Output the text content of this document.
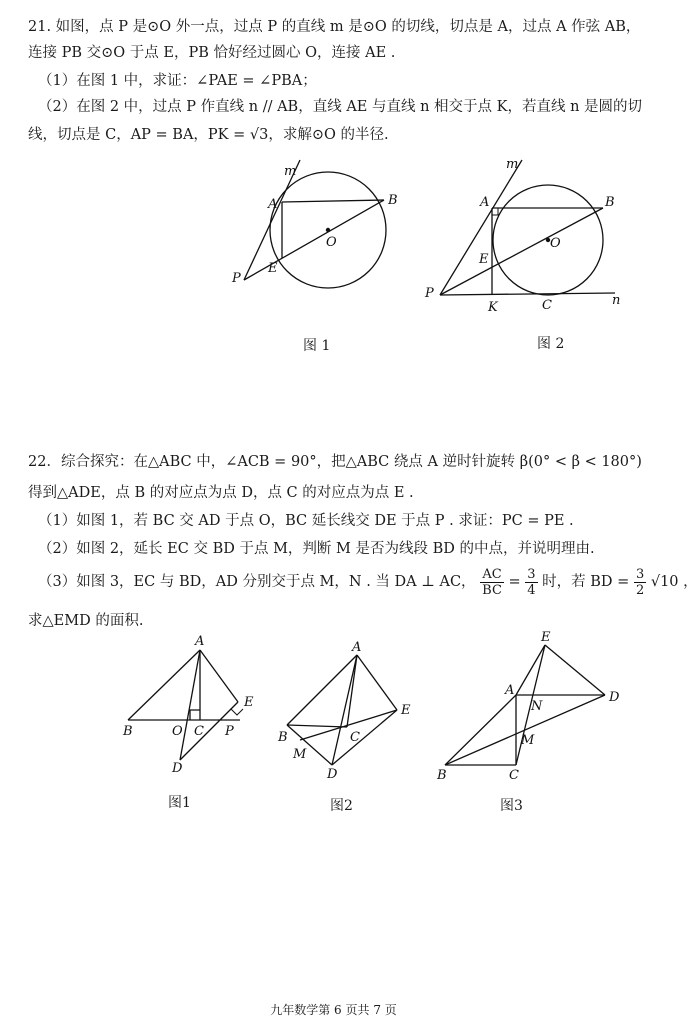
21. 如图，点 P 是⊙O 外一点，过点 P 的直线 m 是⊙O 的切线，切点是 A，过点 A 作弦 AB，
连接 PB 交⊙O 于点 E，PB 恰好经过圆心 O，连接 AE .
（1）在图 1 中，求证：∠PAE = ∠PBA；
（2）在图 2 中，过点 P 作直线 n // AB，直线 AE 与直线 n 相交于点 K，若直线 n 是圆的切
线，切点是 C，AP = BA，PK = √3，求解⊙O 的半径.
m
A	B
O
E
P
m
A	B
O
E
P
K	C	n
图 1	图 2
22．综合探究：在△ABC 中，∠ACB = 90°，把△ABC 绕点 A 逆时针旋转 β(0° < β < 180°)
得到△ADE，点 B 的对应点为点 D，点 C 的对应点为点 E .
（1）如图 1，若 BC 交 AD 于点 O，BC 延长线交 DE 于点 P . 求证：PC = PE .
（2）如图 2，延长 EC 交 BD 于点 M，判断 M 是否为线段 BD 的中点，并说明理由.
（3）如图 3，EC 与 BD，AD 分别交于点 M，N . 当 DA ⊥ AC， $\frac{AC}{BC} = \frac{3}{4}$ 时，若 BD = $\frac{3}{2} √10$ ，
求△EMD 的面积.
A
E
B	O C P
D
A
E
B	C
M
D
E
A
N
D
M
B	C
图1	图2	图3
九年数学第 6 页共 7 页
